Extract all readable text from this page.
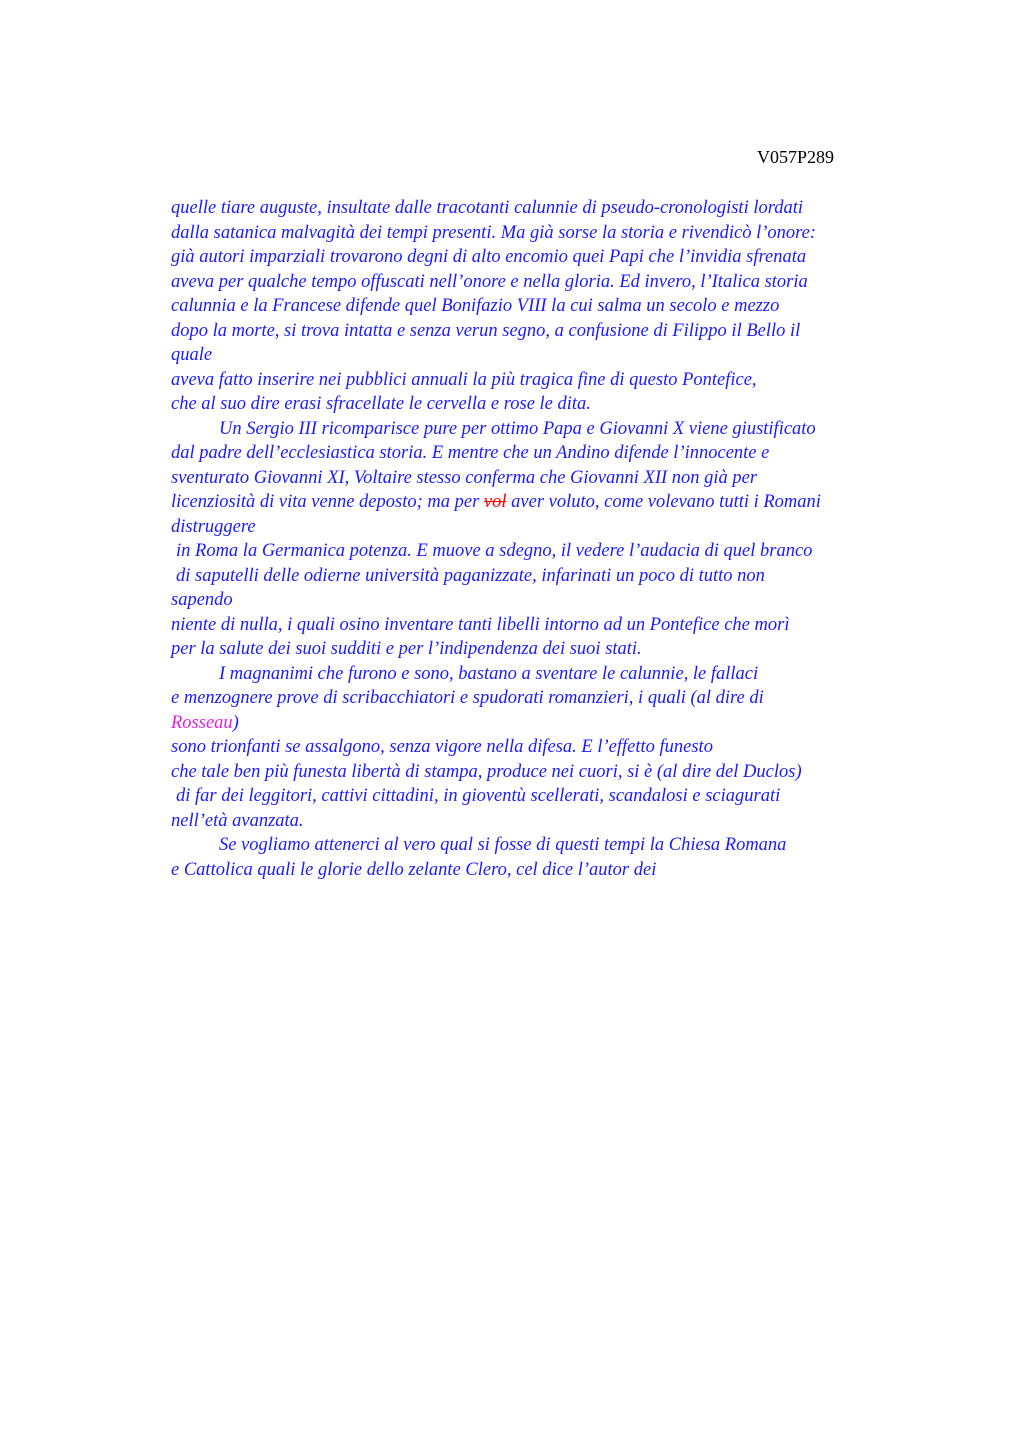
V057P289
quelle tiare auguste, insultate dalle tracotanti calunnie di pseudo-cronologisti lordati
dalla satanica malvagità dei tempi presenti. Ma già sorse la storia e rivendicò l’onore:
già autori imparziali trovarono degni di alto encomio quei Papi che l’invidia sfrenata
aveva per qualche tempo offuscati nell’onore e nella gloria. Ed invero, l’Italica storia
calunnia e la Francese difende quel Bonifazio VIII la cui salma un secolo e mezzo
dopo la morte, si trova intatta e senza verun segno, a confusione di Filippo il Bello il
quale
aveva fatto inserire nei pubblici annuali la più tragica fine di questo Pontefice,
che al suo dire erasi sfracellate le cervella e rose le dita.
Un Sergio III ricomparisce pure per ottimo Papa e Giovanni X viene giustificato
dal padre dell’ecclesiastica storia. E mentre che un Andino difende l’innocente e
sventurato Giovanni XI, Voltaire stesso conferma che Giovanni XII non già per
licenziosità di vita venne deposto; ma per vol aver voluto, come volevano tutti i Romani
distruggere
in Roma la Germanica potenza. E muove a sdegno, il vedere l’audacia di quel branco
di saputelli delle odierne università paganizzate, infarinati un poco di tutto non
sapendo
niente di nulla, i quali osino inventare tanti libelli intorno ad un Pontefice che morì
per la salute dei suoi sudditi e per l’indipendenza dei suoi stati.
I magnanimi che furono e sono, bastano a sventare le calunnie, le fallaci
e menzognere prove di scribacchiatori e spudorati romanzieri, i quali (al dire di
Rosseau)
sono trionfanti se assalgono, senza vigore nella difesa. E l’effetto funesto
che tale ben più funesta libertà di stampa, produce nei cuori, si è (al dire del Duclos)
di far dei leggitori, cattivi cittadini, in gioventù scellerati, scandalosi e sciagurati
nell’età avanzata.
Se vogliamo attenerci al vero qual si fosse di questi tempi la Chiesa Romana
e Cattolica quali le glorie dello zelante Clero, cel dice l’autor dei
